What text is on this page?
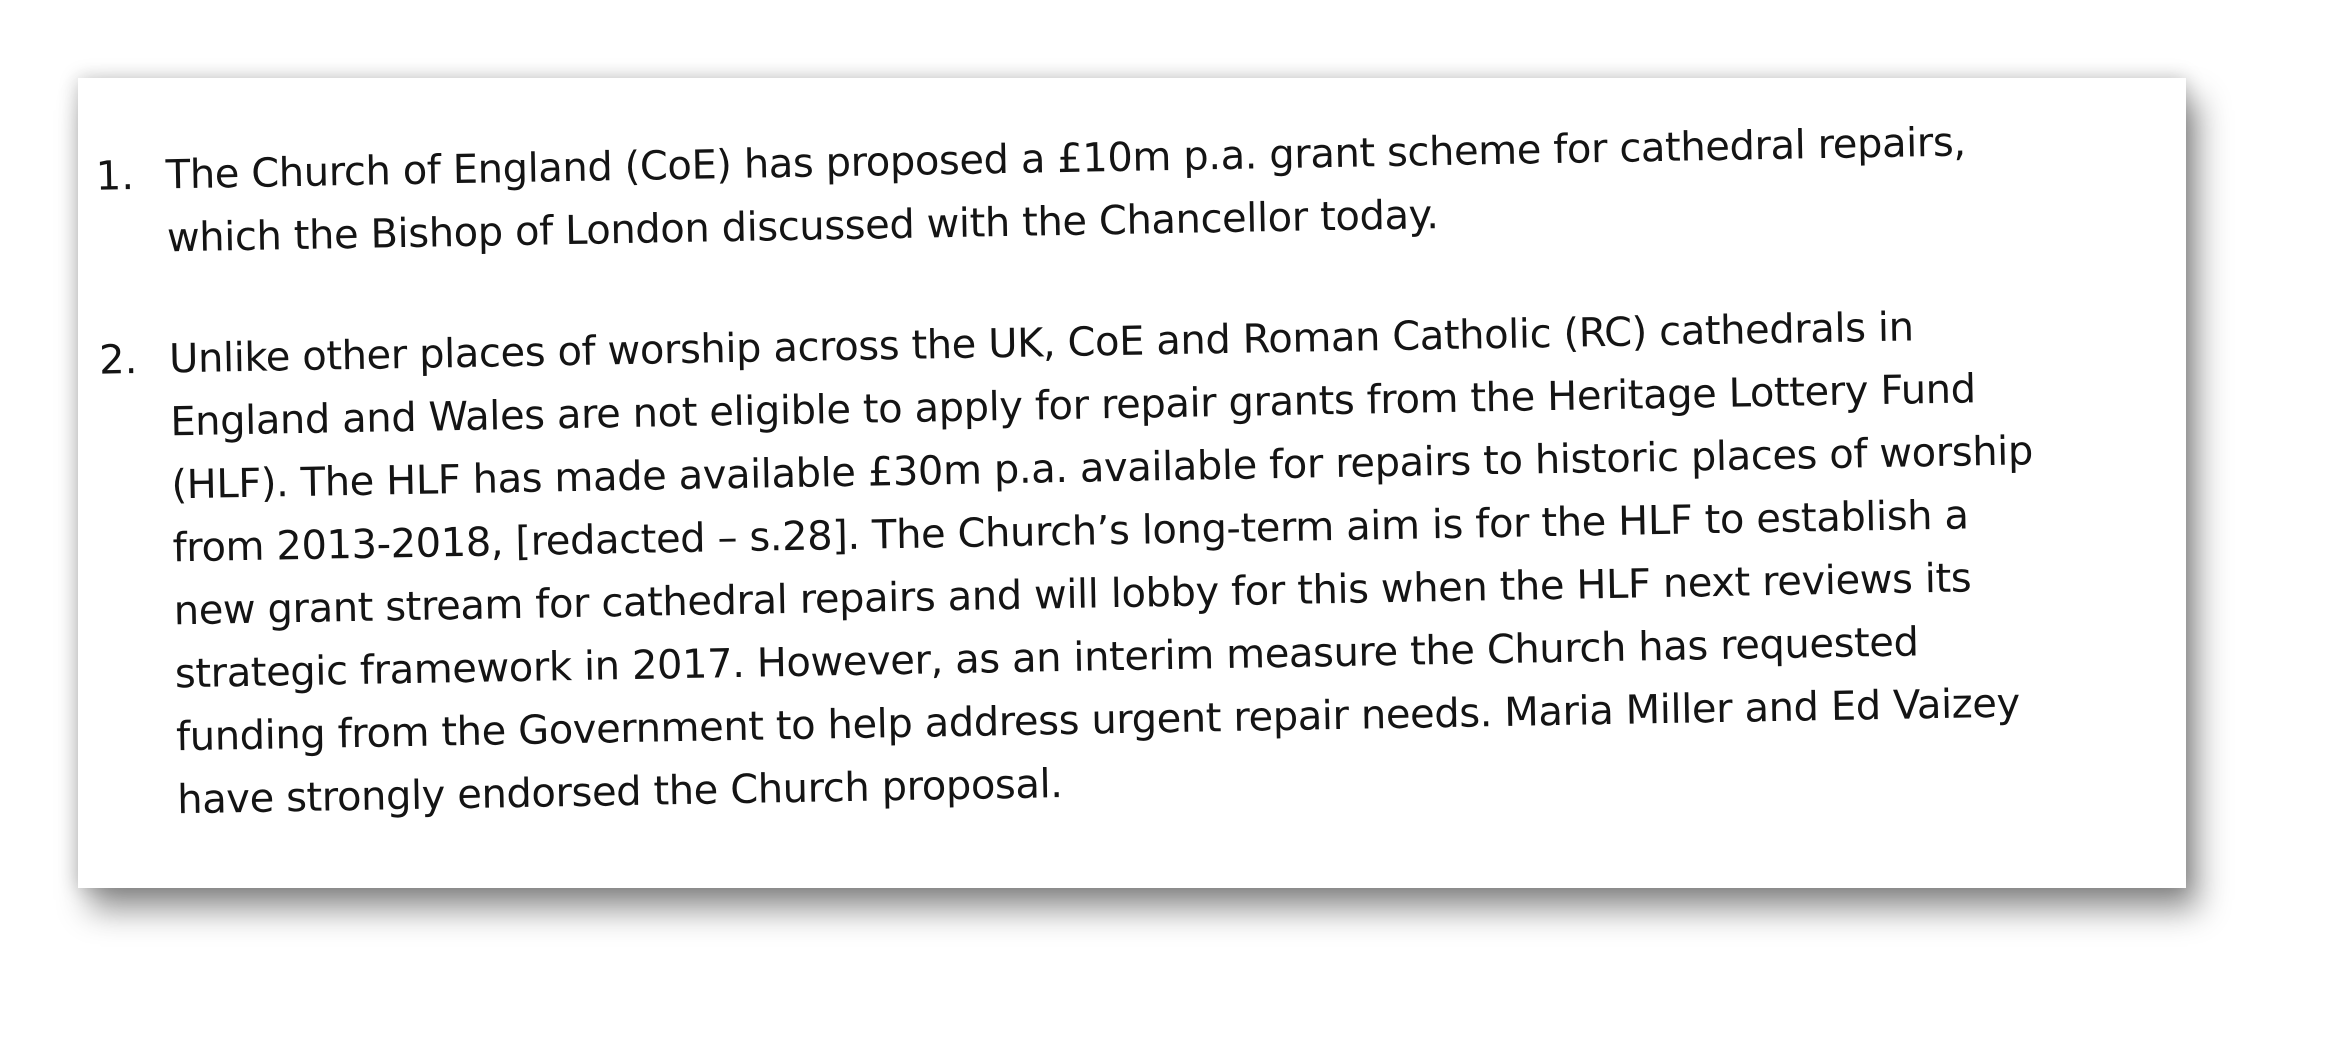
1. The Church of England (CoE) has proposed a £10m p.a. grant scheme for cathedral repairs,
which the Bishop of London discussed with the Chancellor today.
2. Unlike other places of worship across the UK, CoE and Roman Catholic (RC) cathedrals in
England and Wales are not eligible to apply for repair grants from the Heritage Lottery Fund
(HLF). The HLF has made available £30m p.a. available for repairs to historic places of worship
from 2013-2018, [redacted – s.28]. The Church’s long-term aim is for the HLF to establish a
new grant stream for cathedral repairs and will lobby for this when the HLF next reviews its
strategic framework in 2017. However, as an interim measure the Church has requested
funding from the Government to help address urgent repair needs. Maria Miller and Ed Vaizey
have strongly endorsed the Church proposal.
